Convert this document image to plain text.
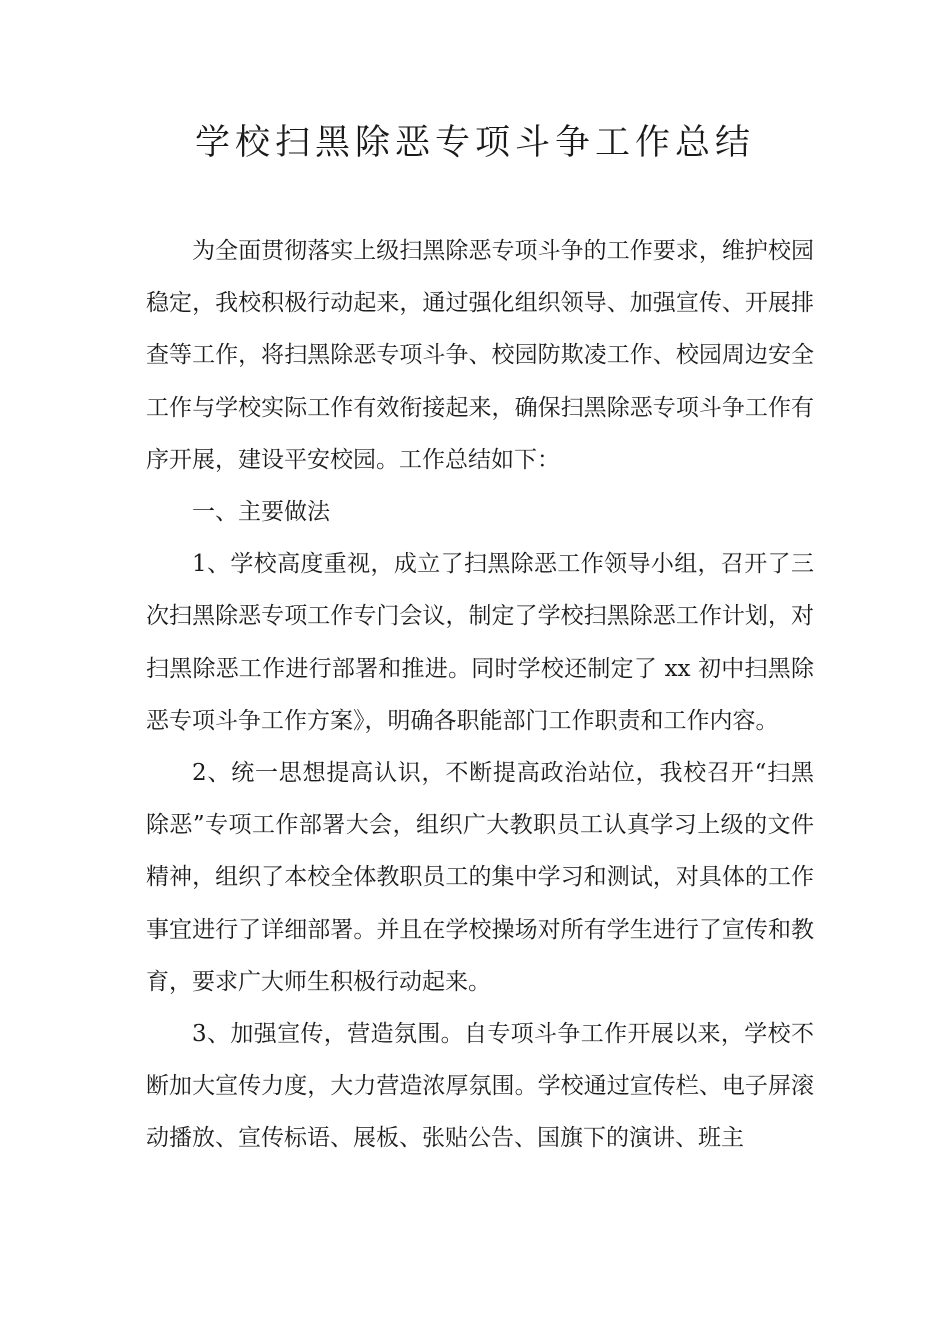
学校扫黑除恶专项斗争工作总结

为全面贯彻落实上级扫黑除恶专项斗争的工作要求，维护校园稳定，我校积极行动起来，通过强化组织领导、加强宣传、开展排查等工作，将扫黑除恶专项斗争、校园防欺凌工作、校园周边安全工作与学校实际工作有效衔接起来，确保扫黑除恶专项斗争工作有序开展，建设平安校园。工作总结如下：

一、主要做法

1、学校高度重视，成立了扫黑除恶工作领导小组，召开了三次扫黑除恶专项工作专门会议，制定了学校扫黑除恶工作计划，对扫黑除恶工作进行部署和推进。同时学校还制定了 xx 初中扫黑除恶专项斗争工作方案》，明确各职能部门工作职责和工作内容。

2、统一思想提高认识，不断提高政治站位，我校召开“扫黑除恶”专项工作部署大会，组织广大教职员工认真学习上级的文件精神，组织了本校全体教职员工的集中学习和测试，对具体的工作事宜进行了详细部署。并且在学校操场对所有学生进行了宣传和教育，要求广大师生积极行动起来。

3、加强宣传，营造氛围。自专项斗争工作开展以来，学校不断加大宣传力度，大力营造浓厚氛围。学校通过宣传栏、电子屏滚动播放、宣传标语、展板、张贴公告、国旗下的演讲、班主
